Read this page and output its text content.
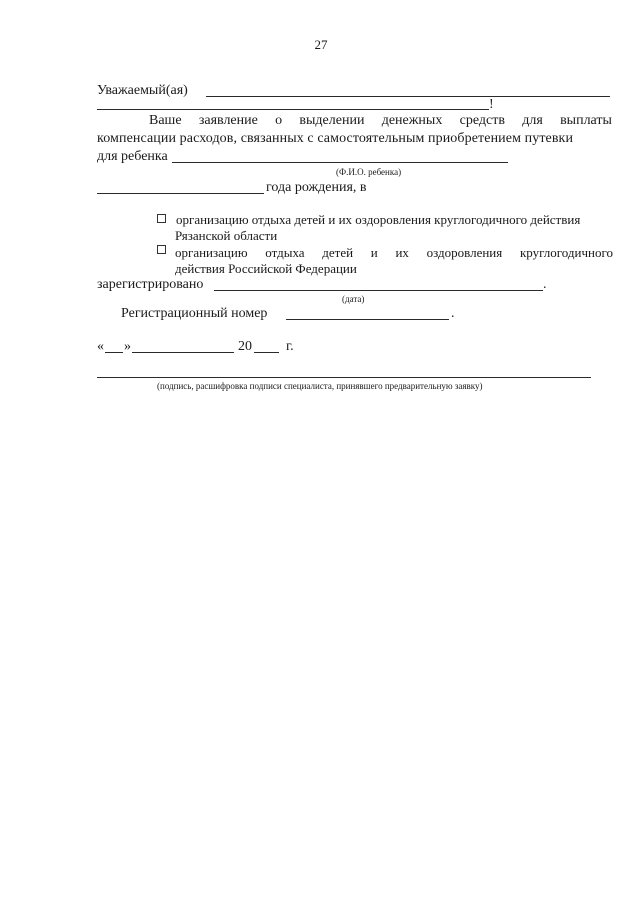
27
Уважаемый(ая)
!
Ваше заявление о выделении денежных средств для выплаты
компенсации расходов, связанных с самостоятельным приобретением путевки
для ребенка
(Ф.И.О. ребенка)
года рождения, в
организацию отдыха детей и их оздоровления круглогодичного действия
Рязанской области
организацию отдыха детей и их оздоровления круглогодичного
действия Российской Федерации
зарегистрировано	.
(дата)
Регистрационный номер	.
« »	20 г.
(подпись, расшифровка подписи специалиста, принявшего предварительную заявку)
